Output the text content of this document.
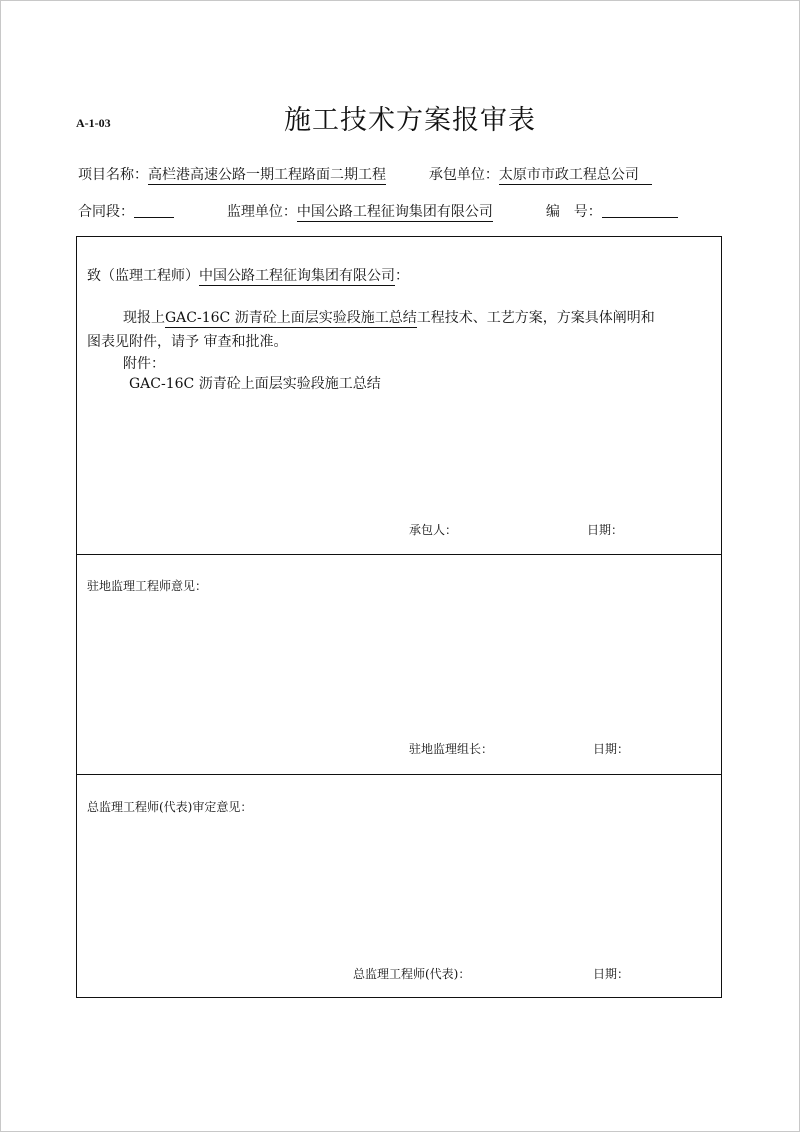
A-1-03	施工技术方案报审表
项目名称：高栏港高速公路一期工程路面二期工程	承包单位：太原市市政工程总公司
合同段：	监理单位：中国公路工程征询集团有限公司	编　号：
致（监理工程师）中国公路工程征询集团有限公司：
现报上GAC-16C 沥青砼上面层实验段施工总结工程技术、工艺方案，方案具体阐明和
图表见附件，请予 审查和批准。
附件：
GAC-16C 沥青砼上面层实验段施工总结
承包人：	日期：
驻地监理工程师意见：
驻地监理组长：	日期：
总监理工程师(代表)审定意见：
总监理工程师(代表)：	日期：
